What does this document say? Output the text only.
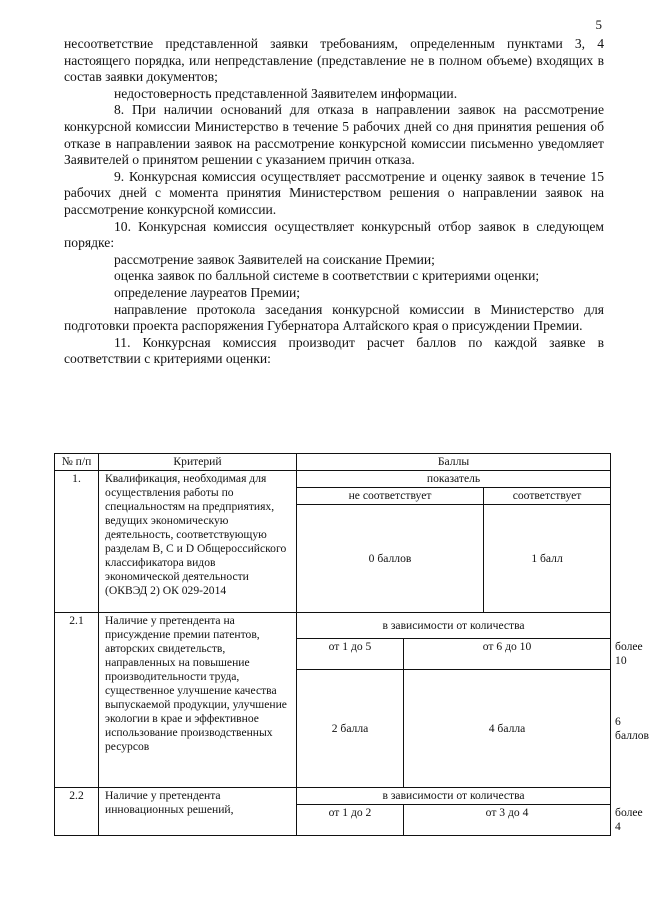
5

несоответствие представленной заявки требованиям, определенным пунктами 3, 4 настоящего порядка, или непредставление (представление не в полном объеме) входящих в состав заявки документов;

недостоверность представленной Заявителем информации.

8. При наличии оснований для отказа в направлении заявок на рассмотрение конкурсной комиссии Министерство в течение 5 рабочих дней со дня принятия решения об отказе в направлении заявок на рассмотрение конкурсной комиссии письменно уведомляет Заявителей о принятом решении с указанием причин отказа.

9. Конкурсная комиссия осуществляет рассмотрение и оценку заявок в течение 15 рабочих дней с момента принятия Министерством решения о направлении заявок на рассмотрение конкурсной комиссии.

10. Конкурсная комиссия осуществляет конкурсный отбор заявок в следующем порядке:

рассмотрение заявок Заявителей на соискание Премии;

оценка заявок по балльной системе в соответствии с критериями оценки;

определение лауреатов Премии;

направление протокола заседания конкурсной комиссии в Министерство для подготовки проекта распоряжения Губернатора Алтайского края о присуждении Премии.

11. Конкурсная комиссия производит расчет баллов по каждой заявке в соответствии с критериями оценки:

№ п/п	Критерий	Баллы			
1.	Квалификация, необходимая для осуществления работы по специальностям на предприятиях, ведущих экономическую деятельность, соответствующую разделам B, C и D Общероссийского классификатора видов экономической деятельности (ОКВЭД 2) ОК 029-2014	показатель			
		не соответствует		соответствует	
		0 баллов		1 балл	
2.1	Наличие у претендента на присуждение премии патентов, авторских свидетельств, направленных на повышение производительности труда, существенное улучшение качества выпускаемой продукции, улучшение экологии в крае и эффективное использование производственных ресурсов	в зависимости от количества			
		от 1 до 5	от 6 до 10		более 10
		2 балла	4 балла		6 баллов
2.2	Наличие у претендента инновационных решений,	в зависимости от количества			
		от 1 до 2	от 3 до 4		более 4
